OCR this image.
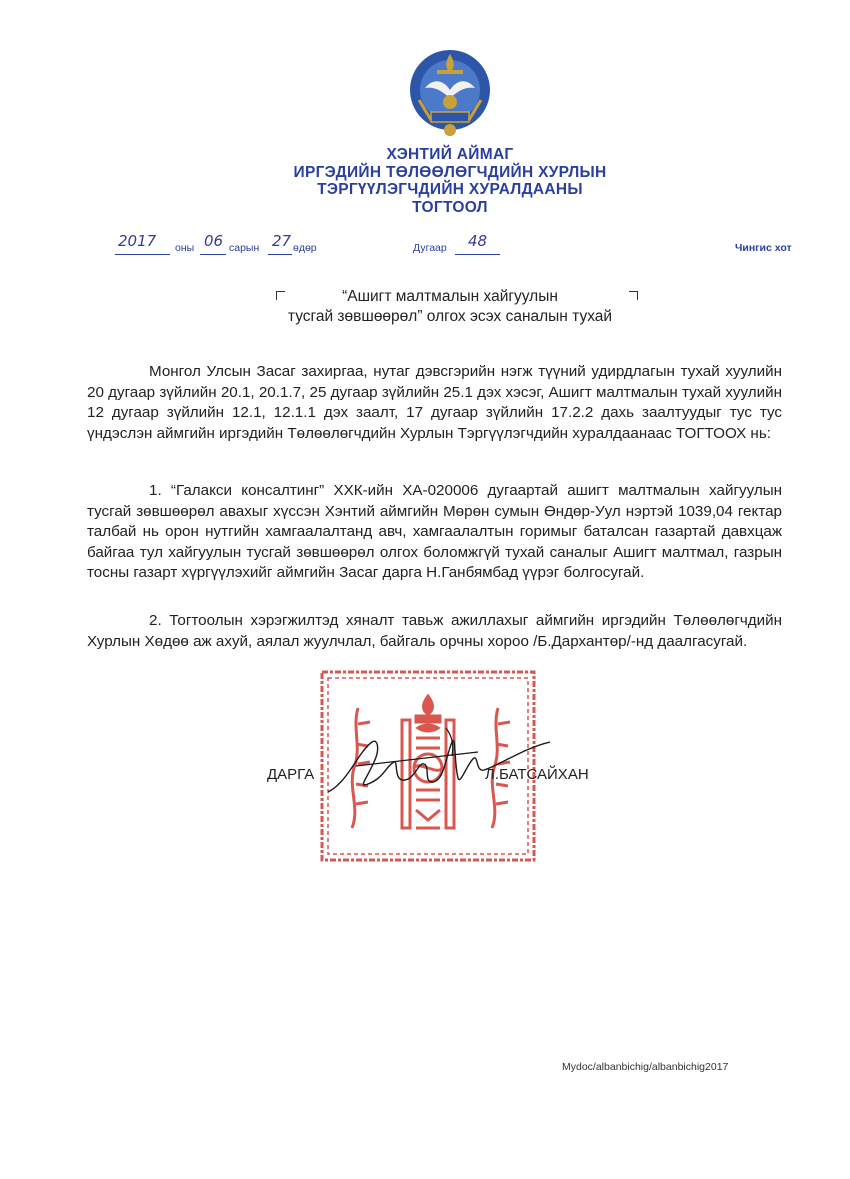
ХЭНТИЙ АЙМАГ
ИРГЭДИЙН ТӨЛӨӨЛӨГЧДИЙН ХУРЛЫН
ТЭРГҮҮЛЭГЧДИЙН ХУРАЛДААНЫ
ТОГТООЛ
2017 оны 06 сарын 27 өдөр	Дугаар 48	Чингис хот
“Ашигт малтмалын хайгуулын
тусгай зөвшөөрөл” олгох эсэх саналын тухай
Монгол Улсын Засаг захиргаа, нутаг дэвсгэрийн нэгж түүний удирдлагын тухай хуулийн 20 дугаар зүйлийн 20.1, 20.1.7, 25 дугаар зүйлийн 25.1 дэх хэсэг, Ашигт малтмалын тухай хуулийн 12 дугаар зүйлийн 12.1, 12.1.1 дэх заалт, 17 дугаар зүйлийн 17.2.2 дахь заалтуудыг тус тус үндэслэн аймгийн иргэдийн Төлөөлөгчдийн Хурлын Тэргүүлэгчдийн хуралдаанаас ТОГТООХ нь:
1. “Галакси консалтинг” ХХК-ийн ХА-020006 дугаартай ашигт малтмалын хайгуулын тусгай зөвшөөрөл авахыг хүссэн Хэнтий аймгийн Мөрөн сумын Өндөр-Уул нэртэй 1039,04 гектар талбай нь орон нутгийн хамгаалалтанд авч, хамгаалалтын горимыг баталсан газартай давхцаж байгаа тул хайгуулын тусгай зөвшөөрөл олгох боломжгүй тухай саналыг Ашигт малтмал, газрын тосны газарт хүргүүлэхийг аймгийн Засаг дарга Н.Ганбямбад үүрэг болгосугай.
2. Тогтоолын хэрэгжилтэд хяналт тавьж ажиллахыг аймгийн иргэдийн Төлөөлөгчдийн Хурлын Хөдөө аж ахуй, аялал жуулчлал, байгаль орчны хороо /Б.Дархантөр/-нд даалгасугай.
ДАРГА	Л.БАТСАЙХАН
Mydoc/albanbichig/albanbichig2017
